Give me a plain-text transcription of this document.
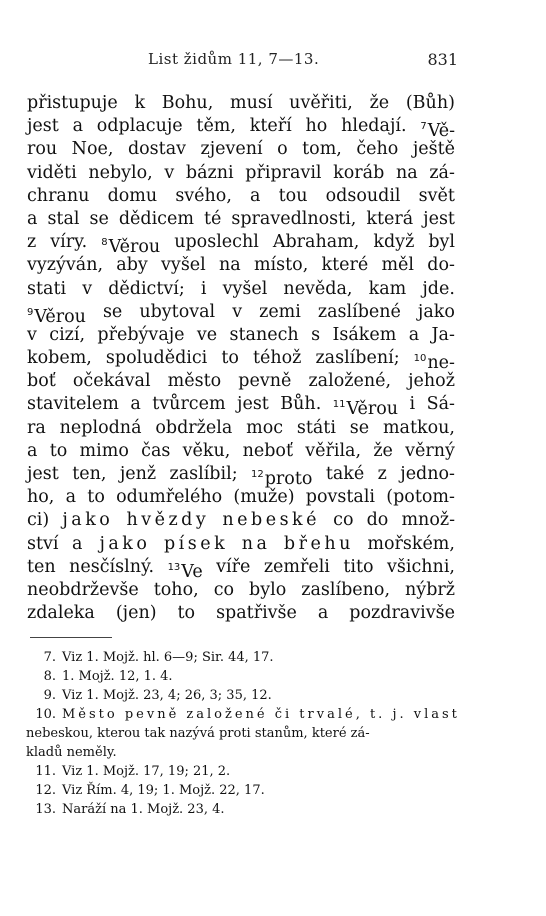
List židům 11, 7—13.	831
přistupuje k Bohu, musí uvěřiti, že (Bůh)
jest a odplacuje těm, kteří ho hledají. $^7$Vě-
rou Noe, dostav zjevení o tom, čeho ještě
viděti nebylo, v bázni připravil koráb na zá-
chranu domu svého, a tou odsoudil svět
a stal se dědicem té spravedlnosti, která jest
z víry. $^8$Věrou uposlechl Abraham, když byl
vyzýván, aby vyšel na místo, které měl do-
stati v dědictví; i vyšel nevěda, kam jde.
$^9$Věrou se ubytoval v zemi zaslíbené jako
v cizí, přebývaje ve stanech s Isákem a Ja-
kobem, spoludědici to téhož zaslíbení; $^{10}$ne-
boť očekával město pevně založené, jehož
stavitelem a tvůrcem jest Bůh. $^{11}$Věrou i Sá-
ra neplodná obdržela moc státi se matkou,
a to mimo čas věku, neboť věřila, že věrný
jest ten, jenž zaslíbil; $^{12}$proto také z jedno-
ho, a to odumřelého (muže) povstali (potom-
ci) jako hvězdy nebeské co do množ-
ství a jako písek na břehu mořském,
ten nesčíslný. $^{13}$Ve víře zemřeli tito všichni,
neobdrževše toho, co bylo zaslíbeno, nýbrž
zdaleka (jen) to spatřivše a pozdravivše
7. Viz 1. Mojž. hl. 6—9; Sir. 44, 17.
8. 1. Mojž. 12, 1. 4.
9. Viz 1. Mojž. 23, 4; 26, 3; 35, 12.
10. Město pevně založené či trvalé, t. j. vlast
nebeskou, kterou tak nazývá proti stanům, které zá-
kladů neměly.
11. Viz 1. Mojž. 17, 19; 21, 2.
12. Viz Řím. 4, 19; 1. Mojž. 22, 17.
13. Naráží na 1. Mojž. 23, 4.
